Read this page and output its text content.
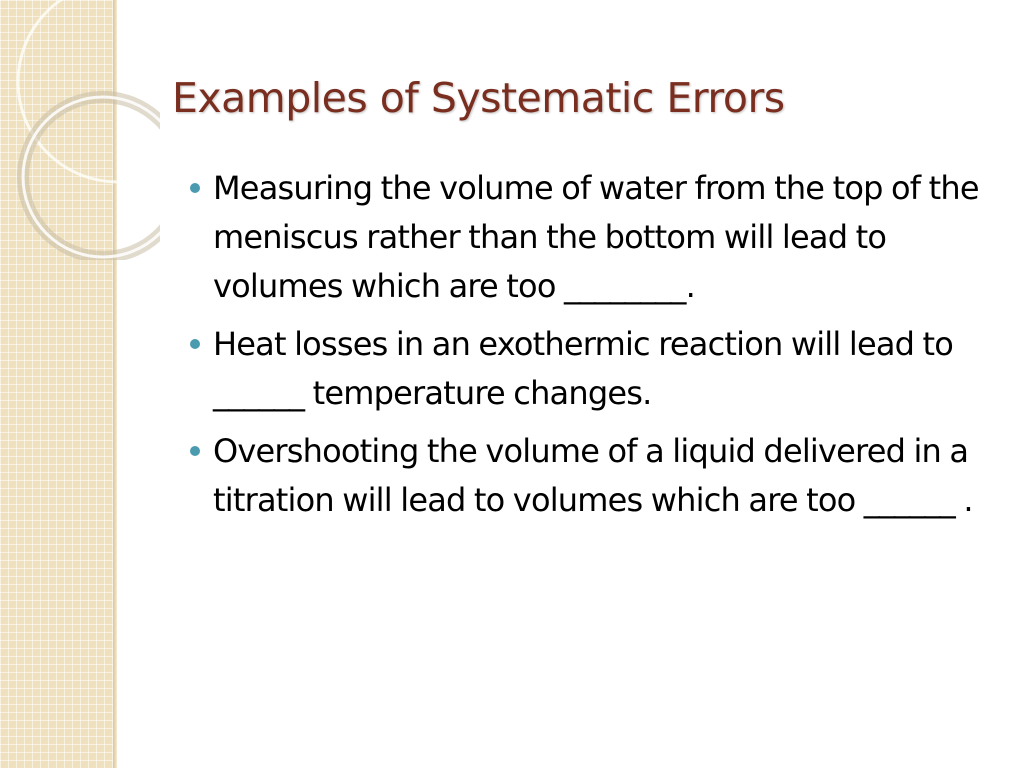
Examples of Systematic Errors
Measuring the volume of water from the top of the meniscus rather than the bottom will lead to volumes which are too ________.
Heat losses in an exothermic reaction will lead to ______ temperature changes.
Overshooting the volume of a liquid delivered in a titration will lead to volumes which are too ______ .
